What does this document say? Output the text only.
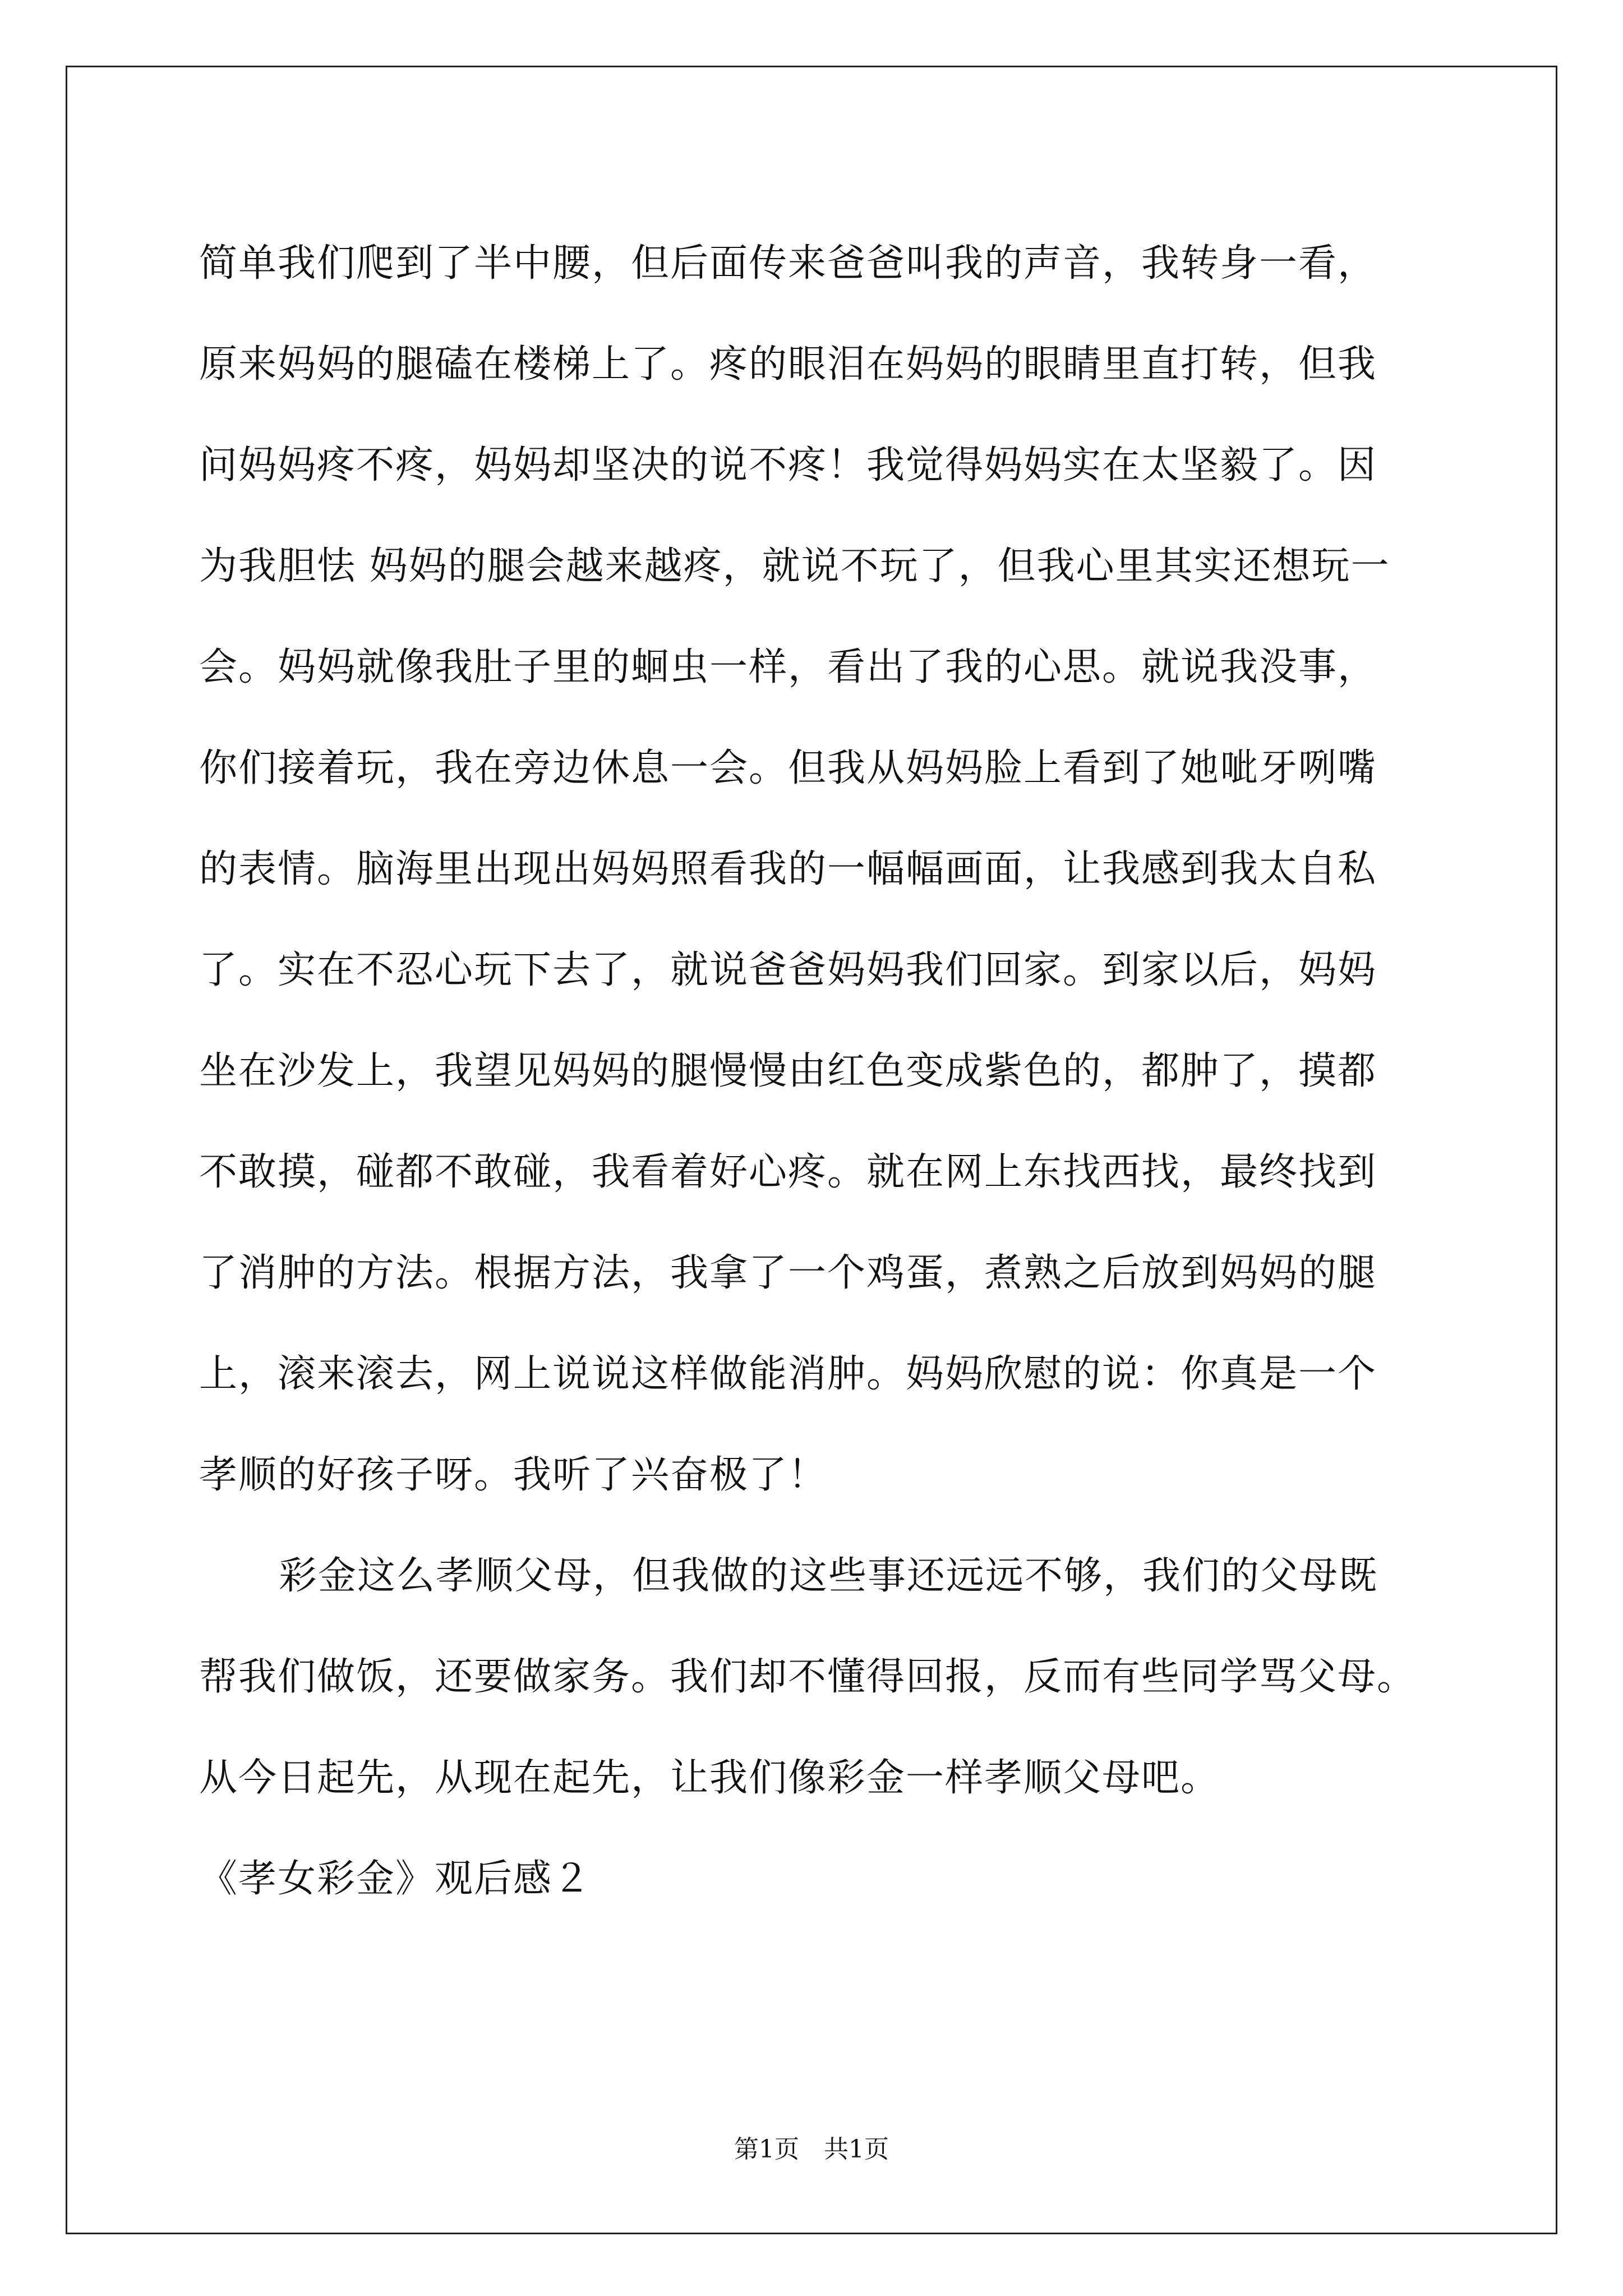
简单我们爬到了半中腰，但后面传来爸爸叫我的声音，我转身一看，
原来妈妈的腿磕在楼梯上了。疼的眼泪在妈妈的眼睛里直打转，但我
问妈妈疼不疼，妈妈却坚决的说不疼！我觉得妈妈实在太坚毅了。因
为我胆怯 妈妈的腿会越来越疼，就说不玩了，但我心里其实还想玩一
会。妈妈就像我肚子里的蛔虫一样，看出了我的心思。就说我没事，
你们接着玩，我在旁边休息一会。但我从妈妈脸上看到了她呲牙咧嘴
的表情。脑海里出现出妈妈照看我的一幅幅画面，让我感到我太自私
了。实在不忍心玩下去了，就说爸爸妈妈我们回家。到家以后，妈妈
坐在沙发上，我望见妈妈的腿慢慢由红色变成紫色的，都肿了，摸都
不敢摸，碰都不敢碰，我看着好心疼。就在网上东找西找，最终找到
了消肿的方法。根据方法，我拿了一个鸡蛋，煮熟之后放到妈妈的腿
上，滚来滚去，网上说说这样做能消肿。妈妈欣慰的说：你真是一个
孝顺的好孩子呀。我听了兴奋极了！
彩金这么孝顺父母，但我做的这些事还远远不够，我们的父母既
帮我们做饭，还要做家务。我们却不懂得回报，反而有些同学骂父母。
从今日起先，从现在起先，让我们像彩金一样孝顺父母吧。
《孝女彩金》观后感２
第1页　共1页
